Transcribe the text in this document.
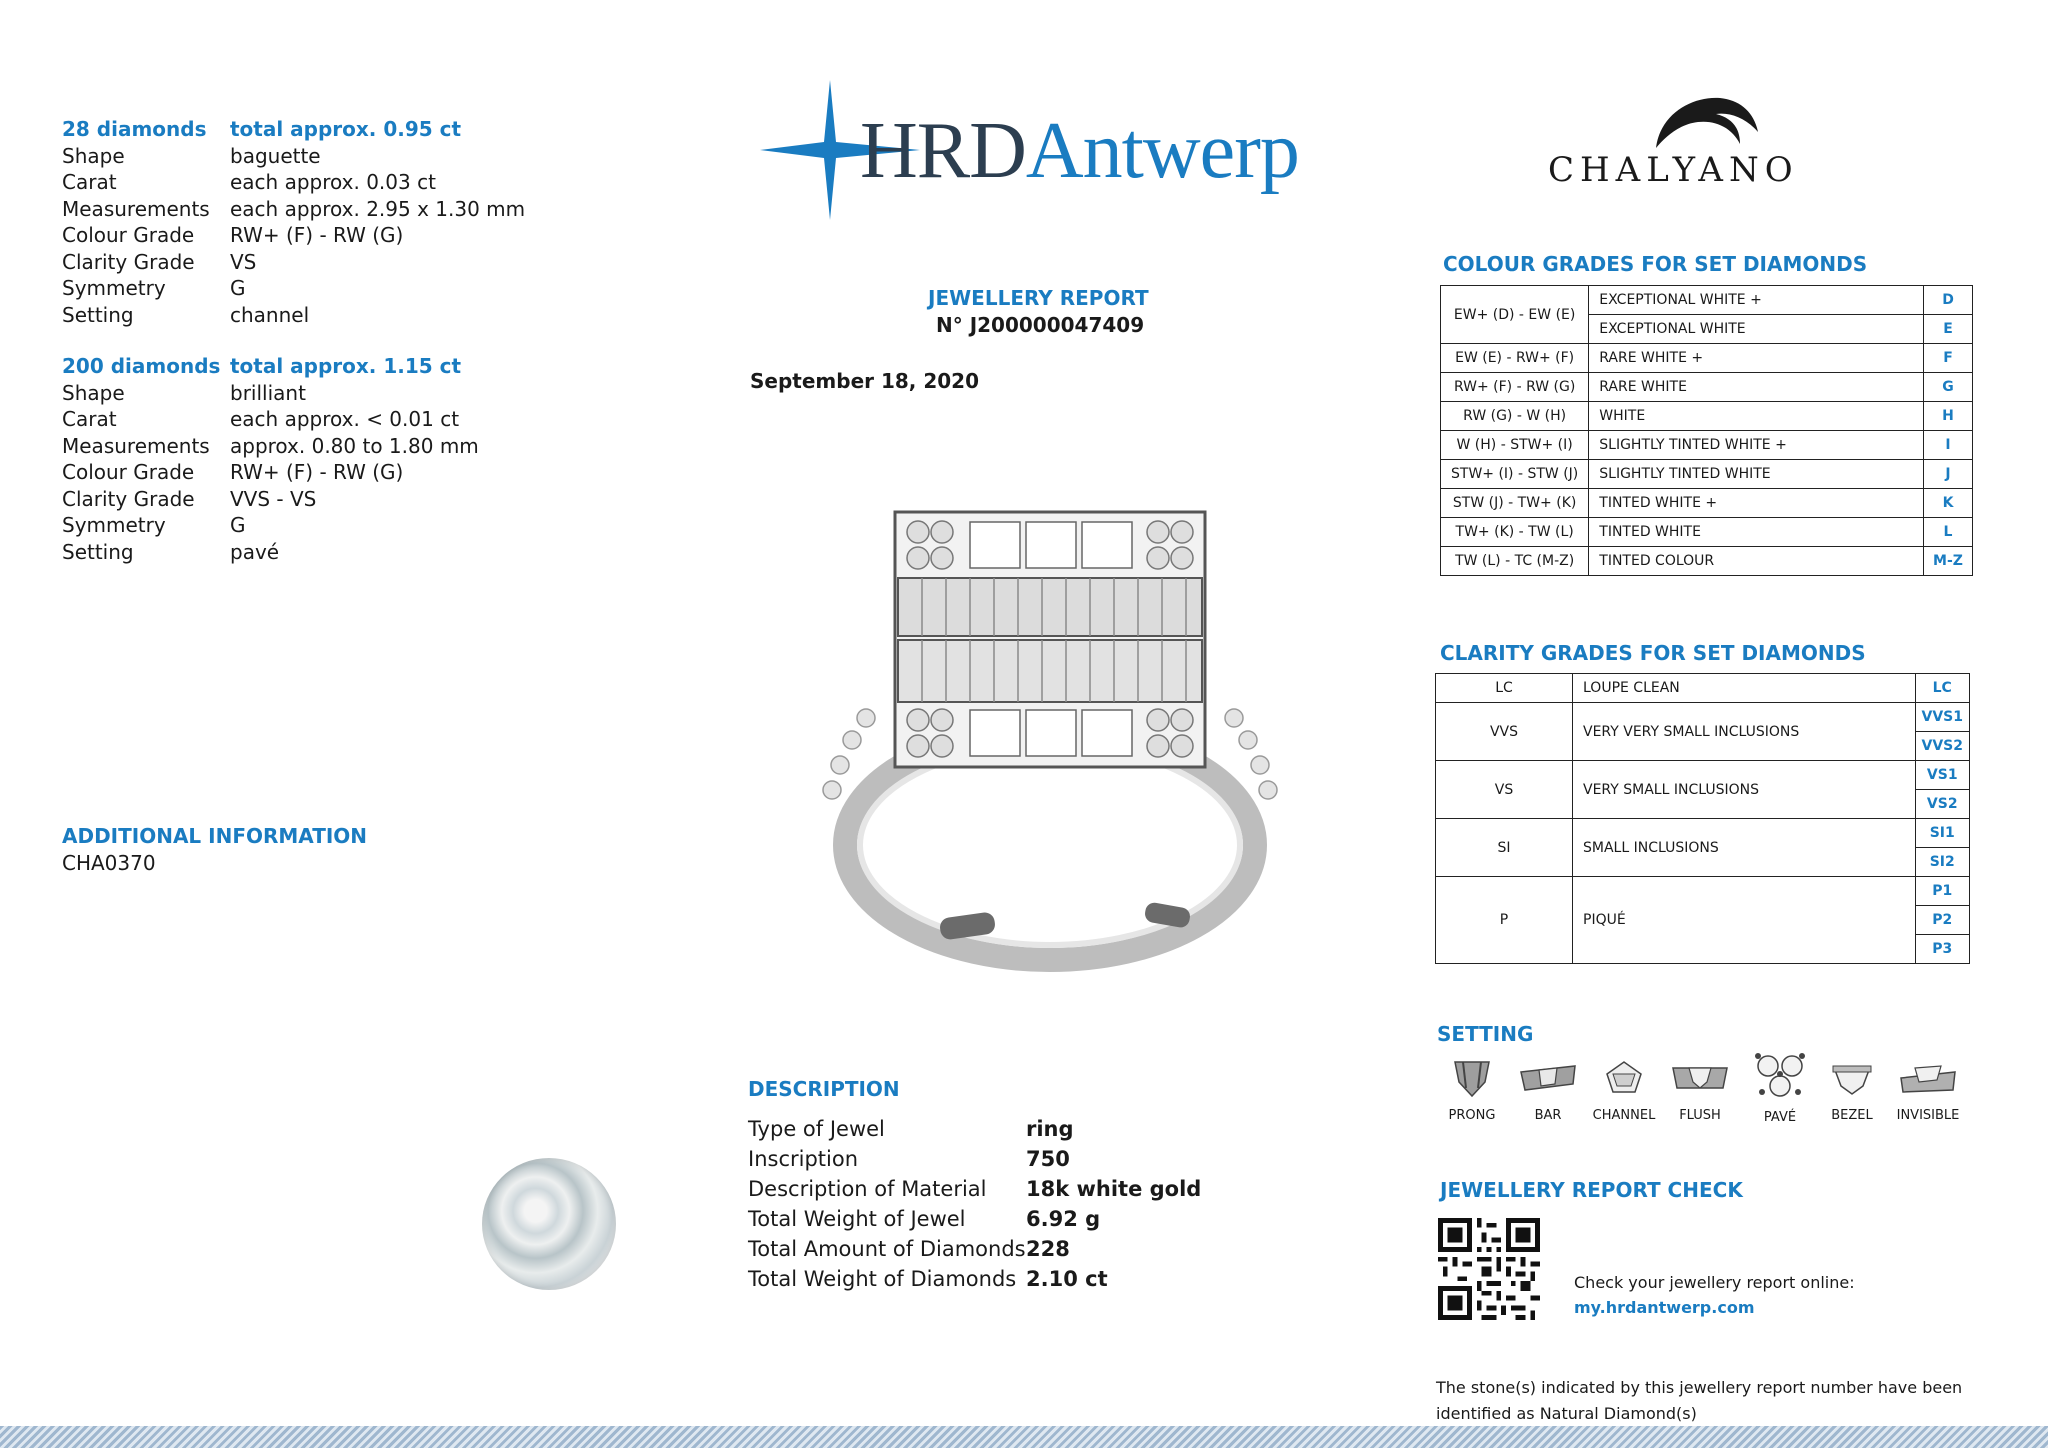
28 diamonds	total approx. 0.95 ct
Shape	baguette
Carat	each approx. 0.03 ct
Measurements	each approx. 2.95 x 1.30 mm
Colour Grade	RW+ (F) - RW (G)
Clarity Grade	VS
Symmetry	G
Setting	channel
200 diamonds total approx. 1.15 ct
Shape	brilliant
Carat	each approx. < 0.01 ct
Measurements	approx. 0.80 to 1.80 mm
Colour Grade	RW+ (F) - RW (G)
Clarity Grade	VVS - VS
Symmetry	G
Setting	pavé
ADDITIONAL INFORMATION
CHA0370
HRDAntwerp	CHALYANO
JEWELLERY REPORT
N° J200000047409
September 18, 2020
DESCRIPTION
Type of Jewel	ring
Inscription	750
Description of Material	18k white gold
Total Weight of Jewel	6.92 g
Total Amount of Diamonds 228
Total Weight of Diamonds 2.10 ct
COLOUR GRADES FOR SET DIAMONDS
EW+ (D) - EW (E)	EXCEPTIONAL WHITE +	D
	EXCEPTIONAL WHITE	E
EW (E) - RW+ (F)	RARE WHITE +	F
RW+ (F) - RW (G)	RARE WHITE	G
RW (G) - W (H)	WHITE	H
W (H) - STW+ (I)	SLIGHTLY TINTED WHITE +	I
STW+ (I) - STW (J)	SLIGHTLY TINTED WHITE	J
STW (J) - TW+ (K)	TINTED WHITE +	K
TW+ (K) - TW (L)	TINTED WHITE	L
TW (L) - TC (M-Z)	TINTED COLOUR	M-Z
CLARITY GRADES FOR SET DIAMONDS
LC	LOUPE CLEAN	LC
VVS	VERY VERY SMALL INCLUSIONS	VVS1
		VVS2
VS	VERY SMALL INCLUSIONS	VS1
		VS2
SI	SMALL INCLUSIONS	SI1
		SI2
P	PIQUÉ	P1
		P2
		P3
SETTING
PRONG	BAR	CHANNEL	FLUSH	PAVÉ	BEZEL	INVISIBLE
JEWELLERY REPORT CHECK
Check your jewellery report online:
my.hrdantwerp.com
The stone(s) indicated by this jewellery report number have been
identified as Natural Diamond(s)
